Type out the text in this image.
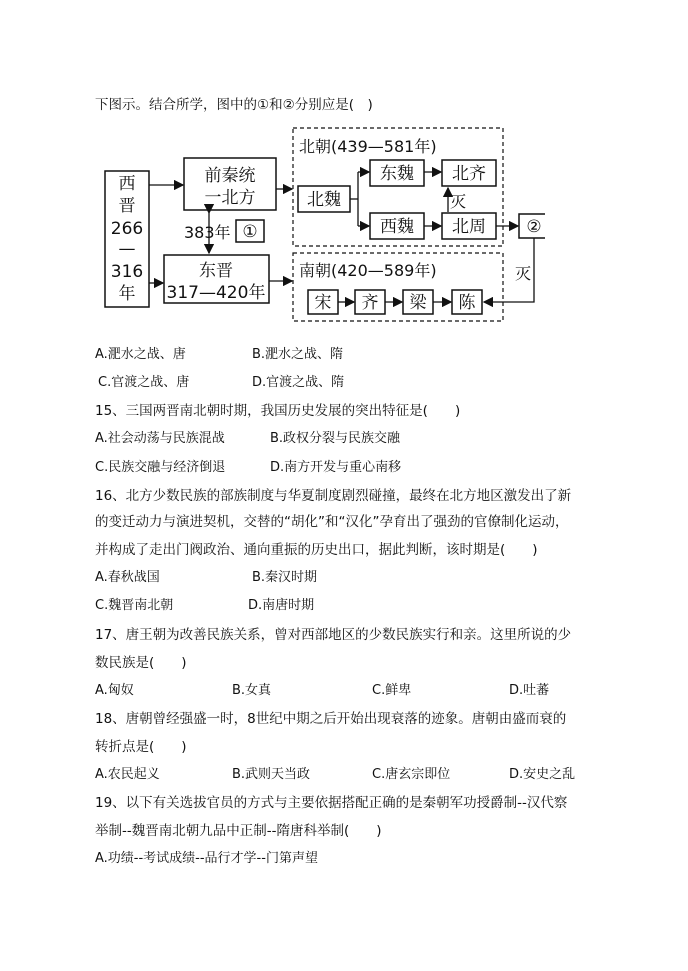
下图示。结合所学，图中的①和②分别应是(　)
西
晋
266
—
316
年
前秦统
一北方
383年 ①
东晋
317—420年
北朝(439—581年)
北魏
东魏
西魏
北齐
北周
灭
②
南朝(420—589年)
宋 齐 梁 陈
灭
A.淝水之战、唐	B.淝水之战、隋
C.官渡之战、唐	D.官渡之战、隋
15、三国两晋南北朝时期，我国历史发展的突出特征是(　　)
A.社会动荡与民族混战	B.政权分裂与民族交融
C.民族交融与经济倒退	D.南方开发与重心南移
16、北方少数民族的部族制度与华夏制度剧烈碰撞，最终在北方地区激发出了新
的变迁动力与演进契机，交替的“胡化”和“汉化”孕育出了强劲的官僚制化运动，
并构成了走出门阀政治、通向重振的历史出口，据此判断，该时期是(　　)
A.春秋战国	B.秦汉时期
C.魏晋南北朝	D.南唐时期
17、唐王朝为改善民族关系，曾对西部地区的少数民族实行和亲。这里所说的少
数民族是(　　)
A.匈奴	B.女真	C.鲜卑	D.吐蕃
18、唐朝曾经强盛一时，8世纪中期之后开始出现衰落的迹象。唐朝由盛而衰的
转折点是(　　)
A.农民起义	B.武则天当政	C.唐玄宗即位	D.安史之乱
19、以下有关选拔官员的方式与主要依据搭配正确的是秦朝军功授爵制--汉代察
举制--魏晋南北朝九品中正制--隋唐科举制(　　)
A.功绩--考试成绩--品行才学--门第声望
